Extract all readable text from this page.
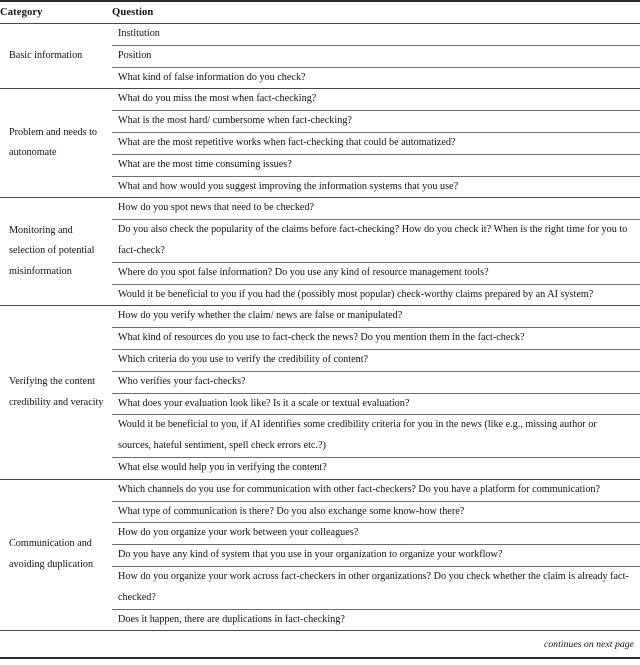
Category	Question
Basic information	Institution

	Position

	What kind of false information do you check?

Problem and needs to autonomate	What do you miss the most when fact-checking?

	What is the most hard/ cumbersome when fact-checking?

	What are the most repetitive works when fact-checking that could be automatized?

	What are the most time consuming issues?

	What and how would you suggest improving the information systems that you use?

Monitoring and selection of potential misinformation	How do you spot news that need to be checked?

	Do you also check the popularity of the claims before fact-checking? How do you check it? When is the right time for you to fact-check?

	Where do you spot false information? Do you use any kind of resource management tools?

	Would it be beneficial to you if you had the (possibly most popular) check-worthy claims prepared by an AI system?

Verifying the content credibility and veracity	How do you verify whether the claim/ news are false or manipulated?

	What kind of resources do you use to fact-check the news? Do you mention them in the fact-check?

	Which criteria do you use to verify the credibility of content?

	Who verifies your fact-checks?

	What does your evaluation look like? Is it a scale or textual evaluation?

	Would it be beneficial to you, if AI identifies some credibility criteria for you in the news (like e.g., missing author or sources, hateful sentiment, spell check errors etc.?)

	What else would help you in verifying the content?

Communication and avoiding duplication	Which channels do you use for communication with other fact-checkers? Do you have a platform for communication?

	What type of communication is there? Do you also exchange some know-how there?

	How do you organize your work between your colleagues?

	Do you have any kind of system that you use in your organization to organize your workflow?

	How do you organize your work across fact-checkers in other organizations? Do you check whether the claim is already fact-checked?

	Does it happen, there are duplications in fact-checking?

continues on next page	
